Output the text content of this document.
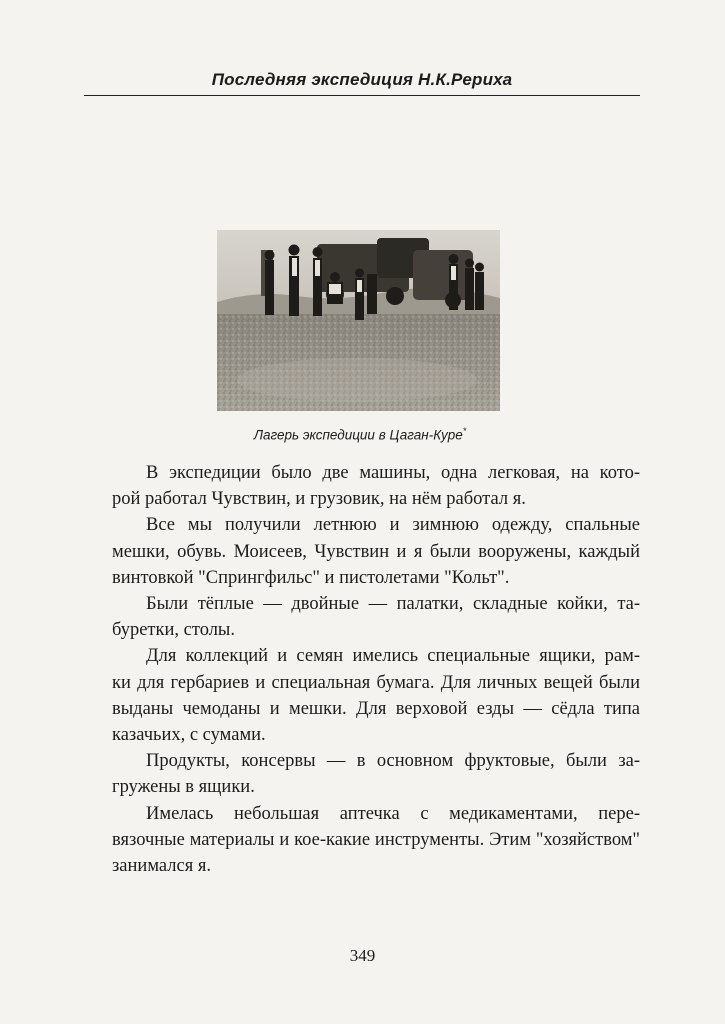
Последняя экспедиция Н.К.Рериха
Лагерь экспедиции в Цаган-Куре*

В экспедиции было две машины, одна легковая, на кото-
рой работал Чувствин, и грузовик, на нём работал я.

Все мы получили летнюю и зимнюю одежду, спальные
мешки, обувь. Моисеев, Чувствин и я были вооружены, каждый
винтовкой "Спрингфильс" и пистолетами "Кольт".

Были тёплые — двойные — палатки, складные койки, та-
буретки, столы.

Для коллекций и семян имелись специальные ящики, рам-
ки для гербариев и специальная бумага. Для личных вещей были
выданы чемоданы и мешки. Для верховой езды — сёдла типа
казачьих, с сумами.

Продукты, консервы — в основном фруктовые, были за-
гружены в ящики.

Имелась небольшая аптечка с медикаментами, пере-
вязочные материалы и кое-какие инструменты. Этим "хозяйством"
занимался я.

349
